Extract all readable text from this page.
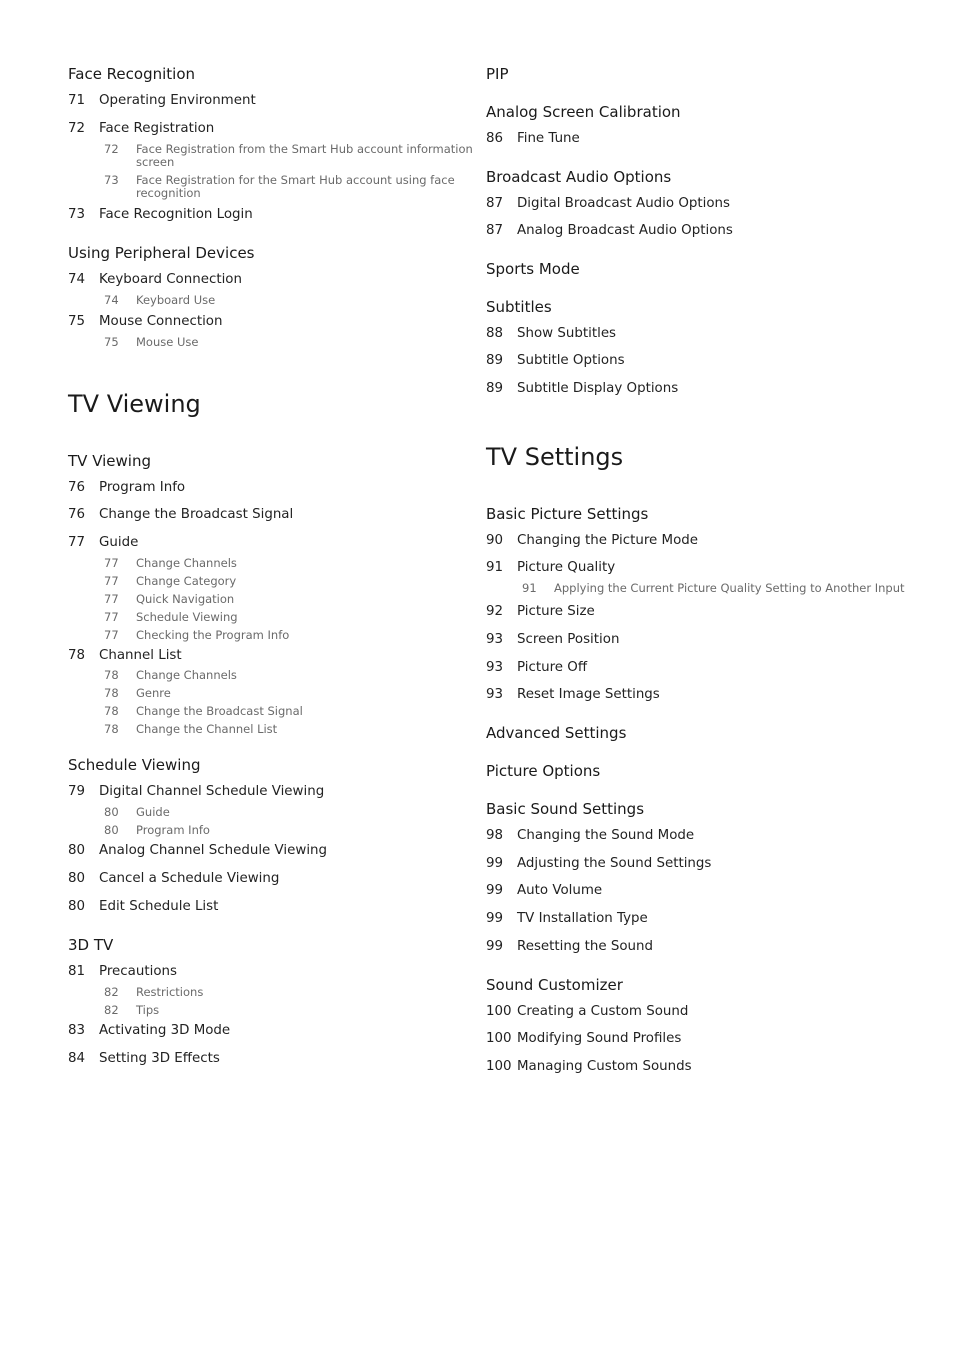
Face Recognition
71	Operating Environment
72	Face Registration
72	Face Registration from the Smart Hub account information screen
73	Face Registration for the Smart Hub account using face recognition
73	Face Recognition Login
Using Peripheral Devices
74	Keyboard Connection
74	Keyboard Use
75	Mouse Connection
75	Mouse Use
TV Viewing
TV Viewing
76	Program Info
76	Change the Broadcast Signal
77	Guide
77	Change Channels
77	Change Category
77	Quick Navigation
77	Schedule Viewing
77	Checking the Program Info
78	Channel List
78	Change Channels
78	Genre
78	Change the Broadcast Signal
78	Change the Channel List
Schedule Viewing
79	Digital Channel Schedule Viewing
80	Guide
80	Program Info
80	Analog Channel Schedule Viewing
80	Cancel a Schedule Viewing
80	Edit Schedule List
3D TV
81	Precautions
82	Restrictions
82	Tips
83	Activating 3D Mode
84	Setting 3D Effects
PIP
Analog Screen Calibration
86	Fine Tune
Broadcast Audio Options
87	Digital Broadcast Audio Options
87	Analog Broadcast Audio Options
Sports Mode
Subtitles
88	Show Subtitles
89	Subtitle Options
89	Subtitle Display Options
TV Settings
Basic Picture Settings
90	Changing the Picture Mode
91	Picture Quality
91	Applying the Current Picture Quality Setting to Another Input
92	Picture Size
93	Screen Position
93	Picture Off
93	Reset Image Settings
Advanced Settings
Picture Options
Basic Sound Settings
98	Changing the Sound Mode
99	Adjusting the Sound Settings
99	Auto Volume
99	TV Installation Type
99	Resetting the Sound
Sound Customizer
100 Creating a Custom Sound
100 Modifying Sound Profiles
100 Managing Custom Sounds
